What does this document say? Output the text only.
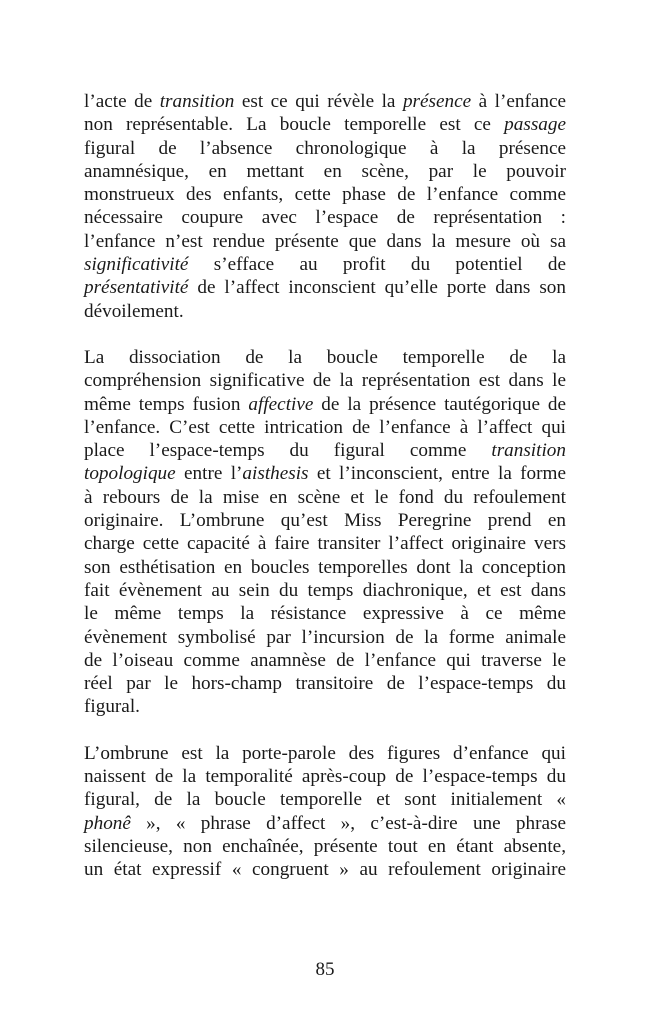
l’acte de transition est ce qui révèle la présence à l’enfance
non représentable. La boucle temporelle est ce passage
figural de l’absence chronologique à la présence
anamnésique, en mettant en scène, par le pouvoir
monstrueux des enfants, cette phase de l’enfance comme
nécessaire coupure avec l’espace de représentation :
l’enfance n’est rendue présente que dans la mesure où sa
significativité s’efface au profit du potentiel de
présentativité de l’affect inconscient qu’elle porte dans son
dévoilement.

La dissociation de la boucle temporelle de la
compréhension significative de la représentation est dans le
même temps fusion affective de la présence tautégorique de
l’enfance. C’est cette intrication de l’enfance à l’affect qui
place l’espace-temps du figural comme transition
topologique entre l’aisthesis et l’inconscient, entre la forme
à rebours de la mise en scène et le fond du refoulement
originaire. L’ombrune qu’est Miss Peregrine prend en
charge cette capacité à faire transiter l’affect originaire vers
son esthétisation en boucles temporelles dont la conception
fait évènement au sein du temps diachronique, et est dans
le même temps la résistance expressive à ce même
évènement symbolisé par l’incursion de la forme animale
de l’oiseau comme anamnèse de l’enfance qui traverse le
réel par le hors-champ transitoire de l’espace-temps du
figural.

L’ombrune est la porte-parole des figures d’enfance qui
naissent de la temporalité après-coup de l’espace-temps du
figural, de la boucle temporelle et sont initialement «
phonê », « phrase d’affect », c’est-à-dire une phrase
silencieuse, non enchaînée, présente tout en étant absente,
un état expressif « congruent » au refoulement originaire

85
